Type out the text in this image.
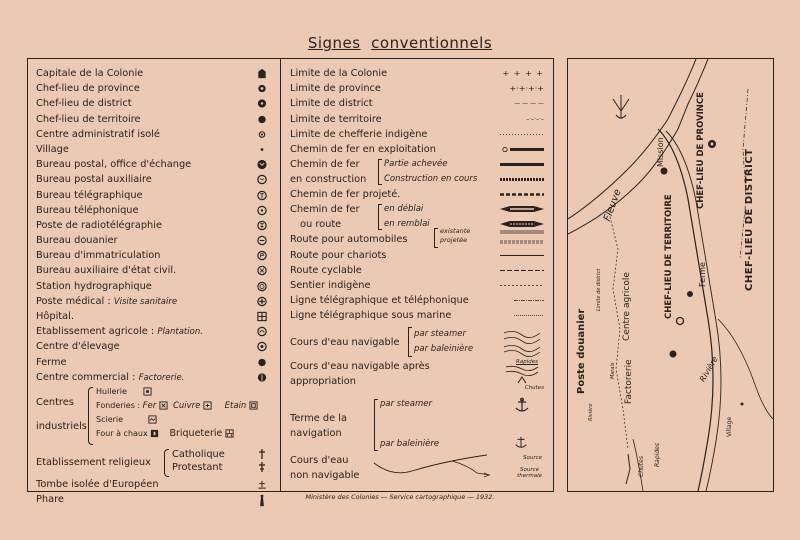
Signes conventionnels
Capitale de la Colonie
Chef-lieu de province
Chef-lieu de district
Chef-lieu de territoire
Centre administratif isolé
Village
Bureau postal, office d'échange
Bureau postal auxiliaire
Bureau télégraphique
Bureau téléphonique
Poste de radiotélégraphie
Bureau douanier
Bureau d'immatriculation
Bureau auxiliaire d'état civil.
Station hydrographique
Poste médical : Visite sanitaire
Hôpital.
Etablissement agricole : Plantation.
Centre d'élevage
Ferme
Centre commercial : Factorerie.
Centres
industriels
Huilerie
Fonderies : Fer Cuivre	Etain
Scierie
Four à chaux Briqueterie
Etablissement religieux
Catholique
Protestant
Tombe isolée d'Européen
Phare
Limite de la Colonie	+ + + +
Limite de province	+·+·+·+
Limite de district	— — — —
Limite de territoire	–·–·–·–
Limite de chefferie indigène
Chemin de fer en exploitation
Chemin de fer
en construction
Partie achevée
Construction en cours
Chemin de fer projeté.
Chemin de fer
ou route
en déblai
en remblai
Route pour automobiles
existante
projetée
Route pour chariots
Route cyclable
Sentier indigène
Ligne télégraphique et téléphonique
Ligne télégraphique sous marine
Cours d'eau navigable
par steamer
par baleinière
Cours d'eau navigable après
appropriation
Rapides
Chutes
Terme de la
navigation
par steamer
par baleinière
Cours d'eau
non navigable
Source
Source
thermale
CHEF-LIEU DE PROVINCE	CHEF-LIEU DE DISTRICT
CHEF-LIEU DE TERRITOIRE
Mission
Fleuve
Centre agricole
Poste douanier	Factorerie
Ferme
Rivière
Village
Chutes Rapides
Limite de district
Rivière
Marais
Ministère des Colonies — Service cartographique — 1932.
